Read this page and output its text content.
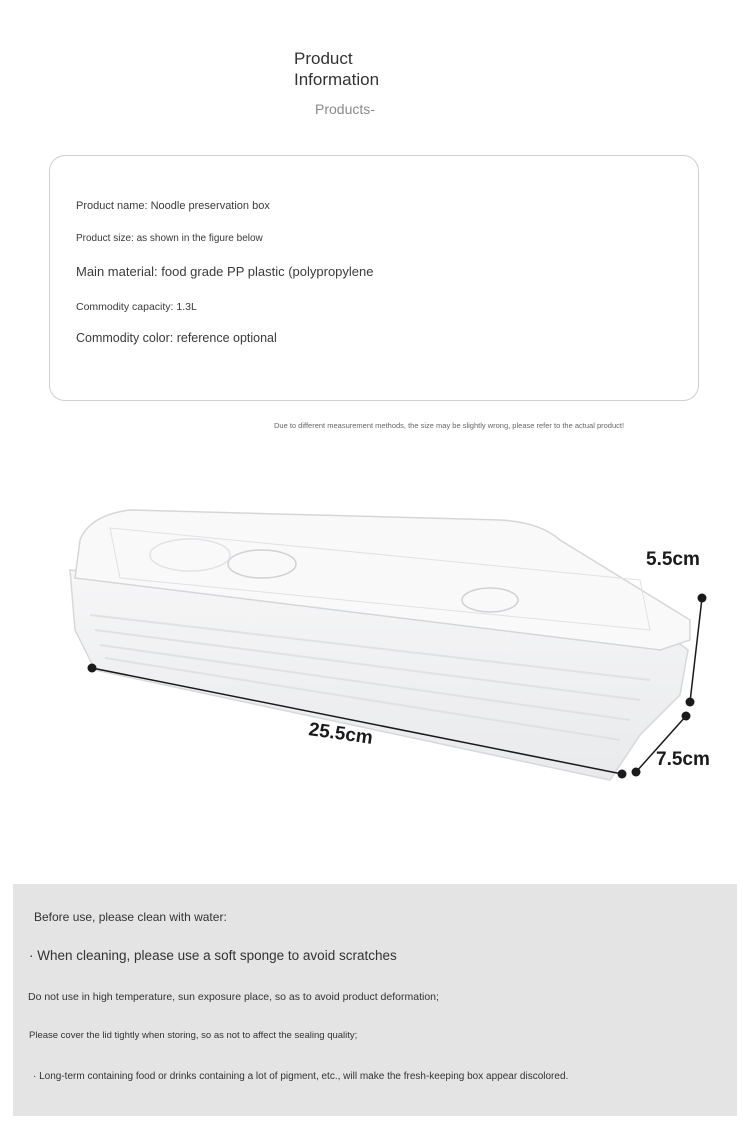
Product
Information
Products-
Product name: Noodle preservation box
Product size: as shown in the figure below
Main material: food grade PP plastic (polypropylene
Commodity capacity: 1.3L
Commodity color: reference optional
Due to different measurement methods, the size may be slightly wrong, please refer to the actual product!
25.5cm
5.5cm
7.5cm
Before use, please clean with water:
· When cleaning, please use a soft sponge to avoid scratches
Do not use in high temperature, sun exposure place, so as to avoid product deformation;
Please cover the lid tightly when storing, so as not to affect the sealing quality;
· Long-term containing food or drinks containing a lot of pigment, etc., will make the fresh-keeping box appear discolored.
